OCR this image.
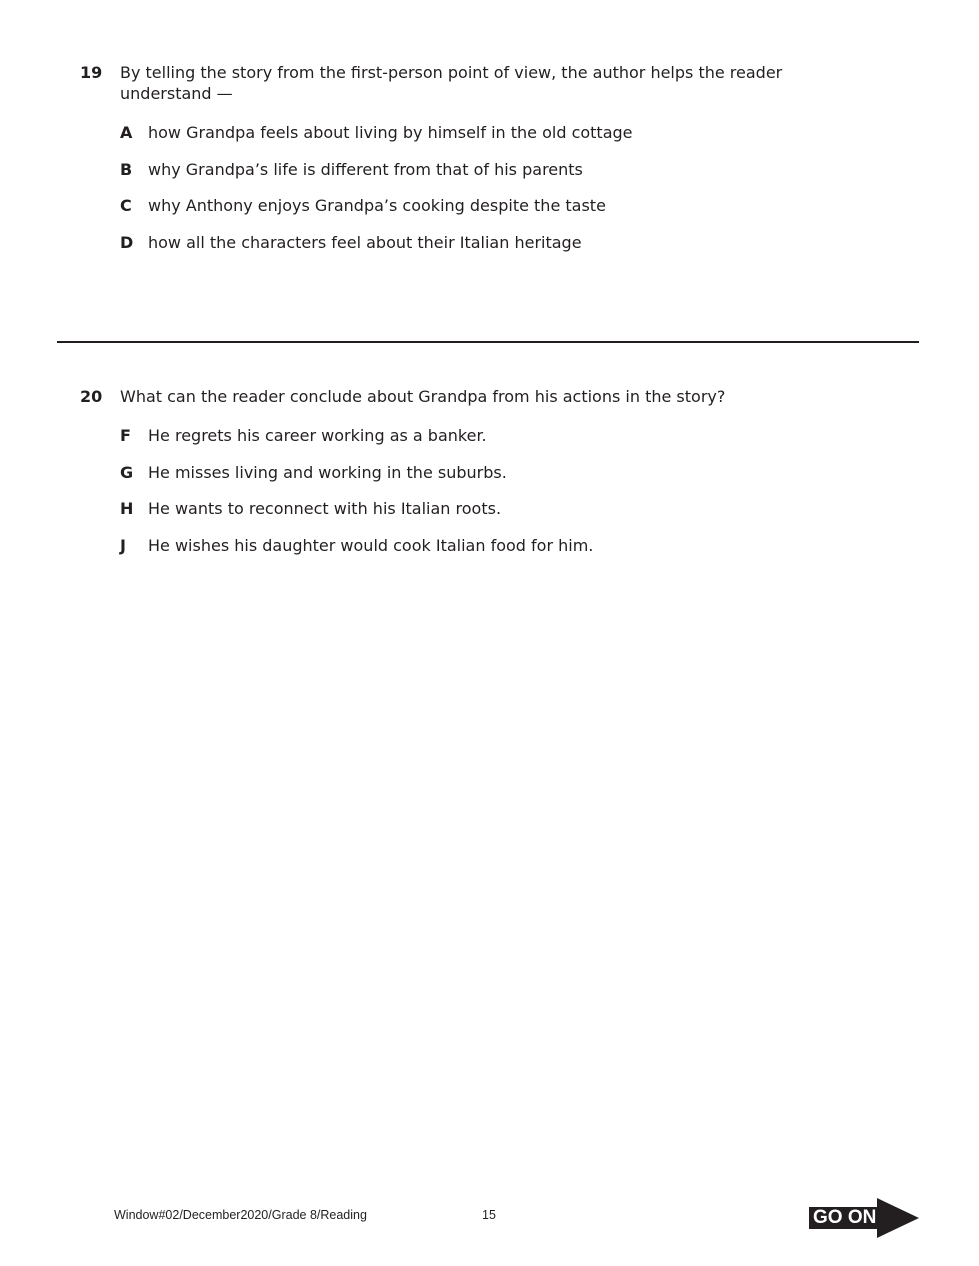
19	By telling the story from the first-person point of view, the author helps the reader understand —
A how Grandpa feels about living by himself in the old cottage
B why Grandpa’s life is different from that of his parents
C	why Anthony enjoys Grandpa’s cooking despite the taste
D how all the characters feel about their Italian heritage
20	What can the reader conclude about Grandpa from his actions in the story?
F	He regrets his career working as a banker.
G He misses living and working in the suburbs.
H He wants to reconnect with his Italian roots.
J	He wishes his daughter would cook Italian food for him.
Window#02/December2020/Grade 8/Reading	15	GO ON
